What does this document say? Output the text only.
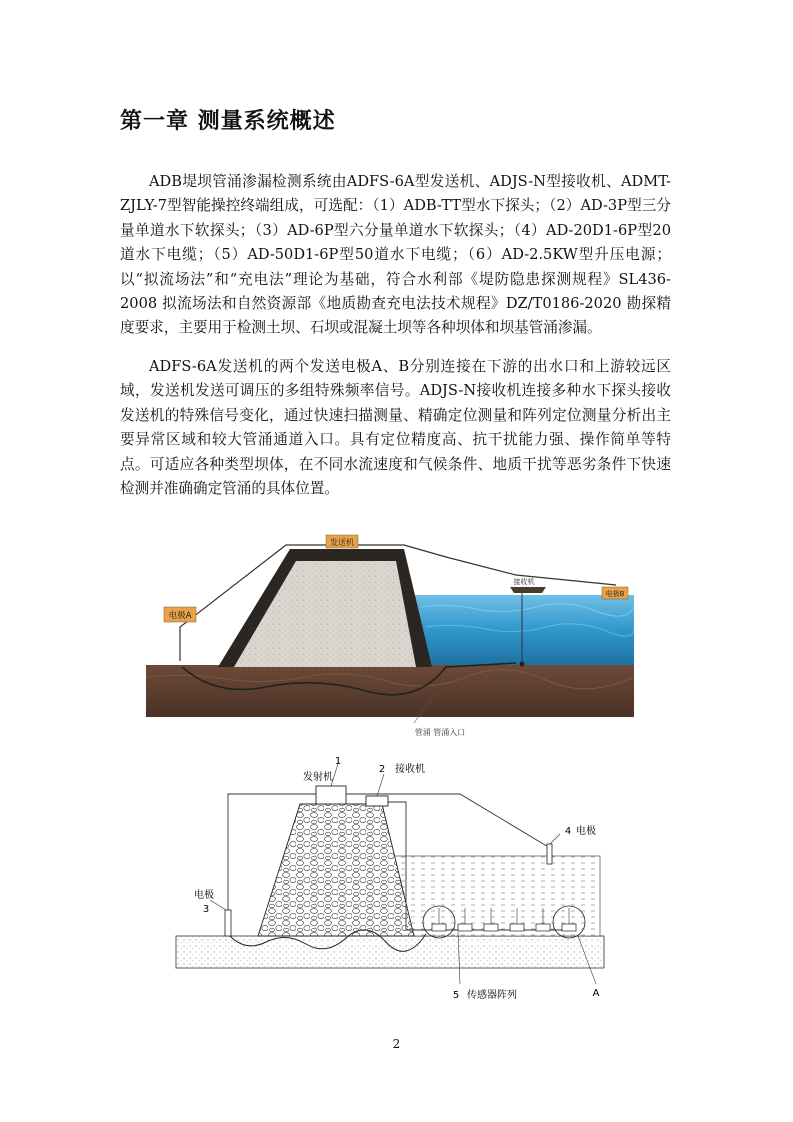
第一章 测量系统概述

ADB堤坝管涌渗漏检测系统由ADFS-6A型发送机、ADJS-N型接收机、ADMT-ZJLY-7型智能操控终端组成，可选配：（1）ADB-TT型水下探头；（2）AD-3P型三分量单道水下软探头；（3）AD-6P型六分量单道水下软探头；（4）AD-20D1-6P型20道水下电缆；（5）AD-50D1-6P型50道水下电缆；（6）AD-2.5KW型升压电源；以“拟流场法”和“充电法”理论为基础，符合水利部《堤防隐患探测规程》SL436-2008 拟流场法和自然资源部《地质勘查充电法技术规程》DZ/T0186-2020 勘探精度要求，主要用于检测土坝、石坝或混凝土坝等各种坝体和坝基管涌渗漏。

ADFS-6A发送机的两个发送电极A、B分别连接在下游的出水口和上游较远区域，发送机发送可调压的多组特殊频率信号。ADJS-N接收机连接多种水下探头接收发送机的特殊信号变化，通过快速扫描测量、精确定位测量和阵列定位测量分析出主要异常区域和较大管涌通道入口。具有定位精度高、抗干扰能力强、操作简单等特点。可适应各种类型坝体，在不同水流速度和气候条件、地质干扰等恶劣条件下快速检测并准确确定管涌的具体位置。

发送机
电极A
接收机
电极B
管涌 管涌入口
1
发射机
2 接收机
4 电极
电极
3
5 传感器阵列	A
2
